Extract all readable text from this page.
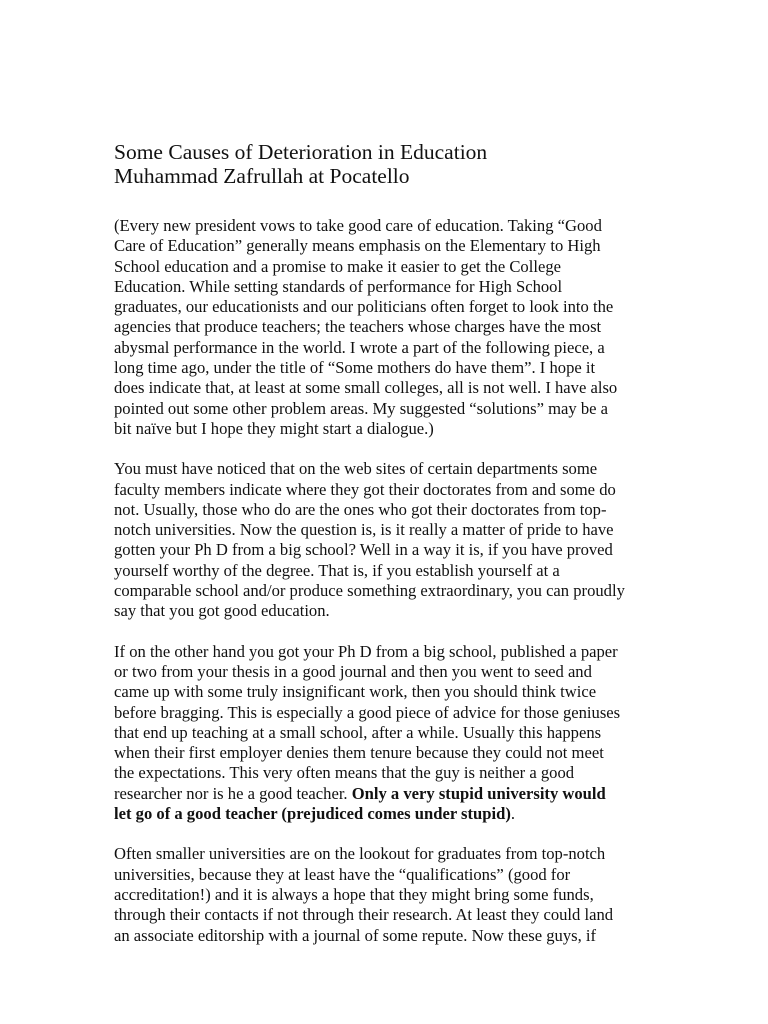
Some Causes of Deterioration in Education
Muhammad Zafrullah at Pocatello
(Every new president vows to take good care of education. Taking “Good
Care of Education” generally means emphasis on the Elementary to High
School education and a promise to make it easier to get the College
Education. While setting standards of performance for High School
graduates, our educationists and our politicians often forget to look into the
agencies that produce teachers; the teachers whose charges have the most
abysmal performance in the world. I wrote a part of the following piece, a
long time ago, under the title of “Some mothers do have them”. I hope it
does indicate that, at least at some small colleges, all is not well. I have also
pointed out some other problem areas. My suggested “solutions” may be a
bit naïve but I hope they might start a dialogue.)
You must have noticed that on the web sites of certain departments some
faculty members indicate where they got their doctorates from and some do
not. Usually, those who do are the ones who got their doctorates from top-
notch universities. Now the question is, is it really a matter of pride to have
gotten your Ph D from a big school? Well in a way it is, if you have proved
yourself worthy of the degree. That is, if you establish yourself at a
comparable school and/or produce something extraordinary, you can proudly
say that you got good education.
If on the other hand you got your Ph D from a big school, published a paper
or two from your thesis in a good journal and then you went to seed and
came up with some truly insignificant work, then you should think twice
before bragging. This is especially a good piece of advice for those geniuses
that end up teaching at a small school, after a while. Usually this happens
when their first employer denies them tenure because they could not meet
the expectations. This very often means that the guy is neither a good
researcher nor is he a good teacher. Only a very stupid university would
let go of a good teacher (prejudiced comes under stupid).
Often smaller universities are on the lookout for graduates from top-notch
universities, because they at least have the “qualifications” (good for
accreditation!) and it is always a hope that they might bring some funds,
through their contacts if not through their research. At least they could land
an associate editorship with a journal of some repute. Now these guys, if
